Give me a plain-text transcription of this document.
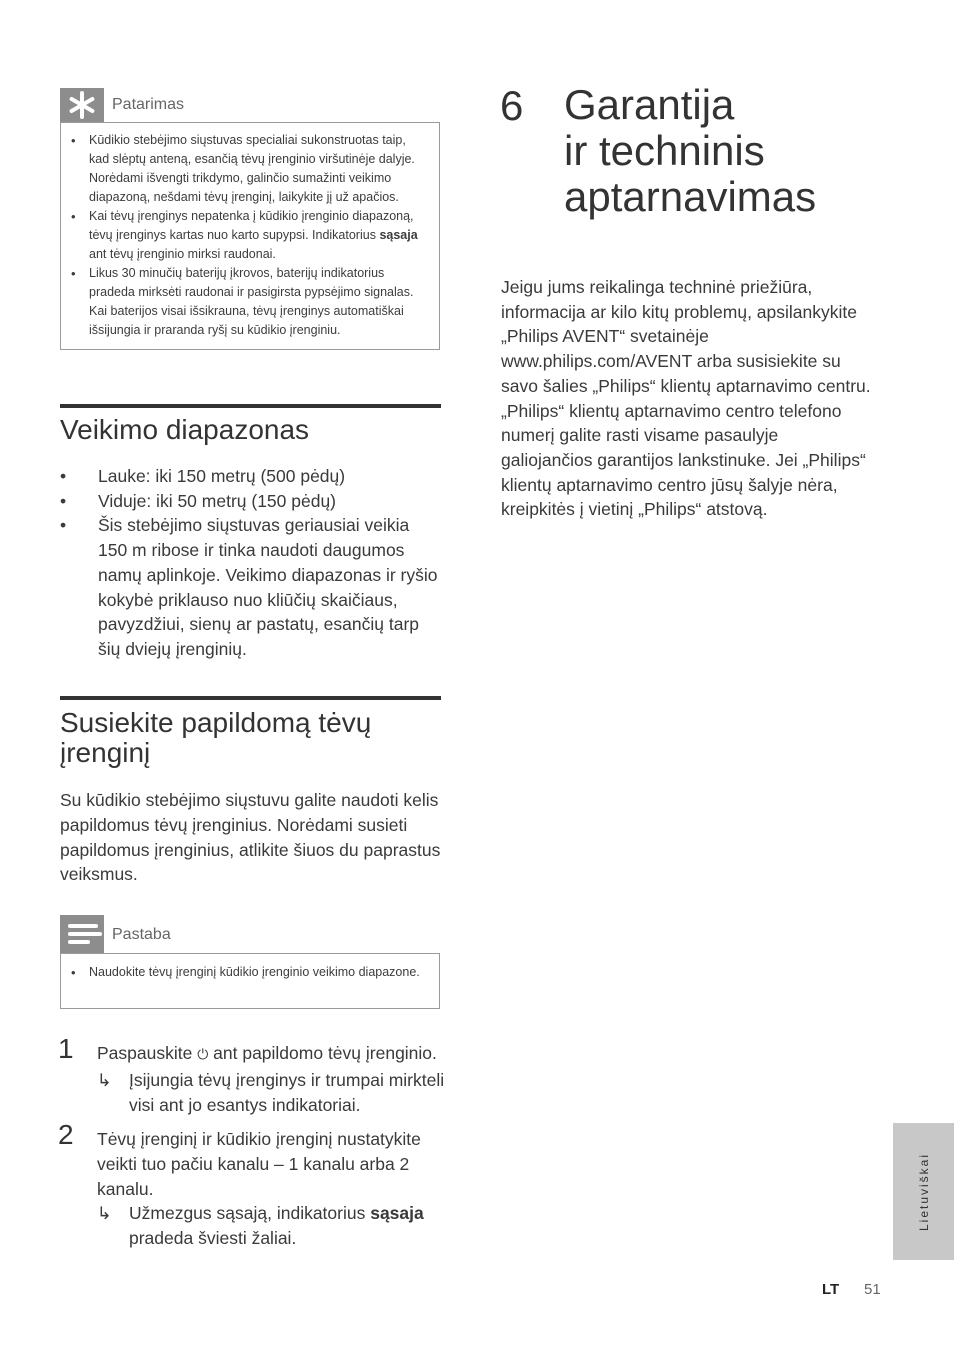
Patarimas
• Kūdikio stebėjimo siųstuvas specialiai sukonstruotas taip, kad slėptų anteną, esančią tėvų įrenginio viršutinėje dalyje. Norėdami išvengti trikdymo, galinčio sumažinti veikimo diapazoną, nešdami tėvų įrenginį, laikykite jį už apačios.
• Kai tėvų įrenginys nepatenka į kūdikio įrenginio diapazoną, tėvų įrenginys kartas nuo karto supypsi. Indikatorius sąsaja ant tėvų įrenginio mirksi raudonai.
• Likus 30 minučių baterijų įkrovos, baterijų indikatorius pradeda mirksėti raudonai ir pasigirsta pypsėjimo signalas. Kai baterijos visai išsikrauna, tėvų įrenginys automatiškai išsijungia ir praranda ryšį su kūdikio įrenginiu.
Veikimo diapazonas
• Lauke: iki 150 metrų (500 pėdų)
• Viduje: iki 50 metrų (150 pėdų)
• Šis stebėjimo siųstuvas geriausiai veikia 150 m ribose ir tinka naudoti daugumos namų aplinkoje. Veikimo diapazonas ir ryšio kokybė priklauso nuo kliūčių skaičiaus, pavyzdžiui, sienų ar pastatų, esančių tarp šių dviejų įrenginių.
Susiekite papildomą tėvų
įrenginį
Su kūdikio stebėjimo siųstuvu galite naudoti kelis papildomus tėvų įrenginius. Norėdami susieti papildomus įrenginius, atlikite šiuos du paprastus veiksmus.
Pastaba
• Naudokite tėvų įrenginį kūdikio įrenginio veikimo diapazone.
1 Paspauskite ⏻ ant papildomo tėvų įrenginio.
↳ Įsijungia tėvų įrenginys ir trumpai mirkteli visi ant jo esantys indikatoriai.
2 Tėvų įrenginį ir kūdikio įrenginį nustatykite veikti tuo pačiu kanalu – 1 kanalu arba 2 kanalu.
↳ Užmezgus sąsają, indikatorius sąsaja pradeda šviesti žaliai.
6 Garantija
ir techninis
aptarnavimas
Jeigu jums reikalinga techninė priežiūra, informacija ar kilo kitų problemų, apsilankykite „Philips AVENT“ svetainėje www.philips.com/AVENT arba susisiekite su savo šalies „Philips“ klientų aptarnavimo centru. „Philips“ klientų aptarnavimo centro telefono numerį galite rasti visame pasaulyje galiojančios garantijos lankstinuke. Jei „Philips“ klientų aptarnavimo centro jūsų šalyje nėra, kreipkitės į vietinį „Philips“ atstovą.
Lietuviškai
LT 51
